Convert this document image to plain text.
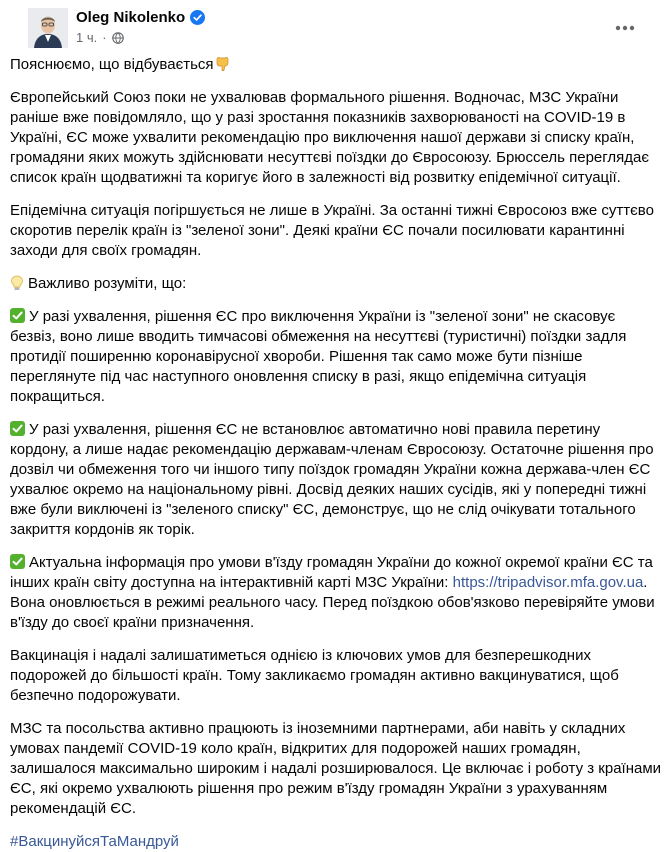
Oleg Nikolenko
1 ч. ·
Пояснюємо, що відбувається
Європейський Союз поки не ухвалював формального рішення. Водночас, МЗС України
раніше вже повідомляло, що у разі зростання показників захворюваності на COVID-19 в
Україні, ЄС може ухвалити рекомендацію про виключення нашої держави зі списку країн,
громадяни яких можуть здійснювати несуттєві поїздки до Євросоюзу. Брюссель переглядає
список країн щодватижні та коригує його в залежності від розвитку епідемічної ситуації.
Епідемічна ситуація погіршується не лише в Україні. За останні тижні Євросоюз вже суттєво
скоротив перелік країн із "зеленої зони". Деякі країни ЄС почали посилювати карантинні
заходи для своїх громадян.
Важливо розуміти, що:
У разі ухвалення, рішення ЄС про виключення України із "зеленої зони" не скасовує
безвіз, воно лише вводить тимчасові обмеження на несуттєві (туристичні) поїздки задля
протидії поширенню коронавірусної хвороби. Рішення так само може бути пізніше
переглянуте під час наступного оновлення списку в разі, якщо епідемічна ситуація
покращиться.
У разі ухвалення, рішення ЄС не встановлює автоматично нові правила перетину
кордону, а лише надає рекомендацію державам-членам Євросоюзу. Остаточне рішення про
дозвіл чи обмеження того чи іншого типу поїздок громадян України кожна держава-член ЄС
ухвалює окремо на національному рівні. Досвід деяких наших сусідів, які у попередні тижні
вже були виключені із "зеленого списку" ЄС, демонструє, що не слід очікувати тотального
закриття кордонів як торік.
Актуальна інформація про умови в'їзду громадян України до кожної окремої країни ЄС та
інших країн світу доступна на інтерактивній карті МЗС України: https://tripadvisor.mfa.gov.ua.
Вона оновлюється в режимі реального часу. Перед поїздкою обов'язково перевіряйте умови
в'їзду до своєї країни призначення.
Вакцинація і надалі залишатиметься однією із ключових умов для безперешкодних
подорожей до більшості країн. Тому закликаємо громадян активно вакцинуватися, щоб
безпечно подорожувати.
МЗС та посольства активно працюють із іноземними партнерами, аби навіть у складних
умовах пандемії COVID-19 коло країн, відкритих для подорожей наших громадян,
залишалося максимально широким і надалі розширювалося. Це включає і роботу з країнами
ЄС, які окремо ухвалюють рішення про режим в'їзду громадян України з урахуванням
рекомендацій ЄС.
#ВакцинуйсяТаМандруй
